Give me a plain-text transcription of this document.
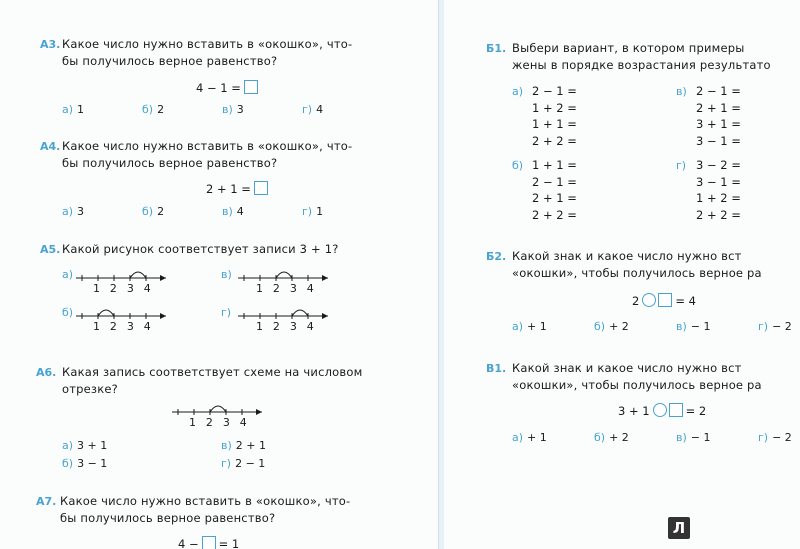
А3. Какое число нужно вставить в «окошко», что-
бы получилось верное равенство?
4 − 1 =
а) 1	б) 2	в) 3	г) 4
А4. Какое число нужно вставить в «окошко», что-
бы получилось верное равенство?
2 + 1 =
а) 3	б) 2	в) 4	г) 1
А5. Какой рисунок соответствует записи 3 + 1?
а)
1 2 3 4
в)
1 2 3 4
б)
1 2 3 4
г)
1 2 3 4
А6. Какая запись соответствует схеме на числовом
отрезке?
1 2 3 4
а) 3 + 1	в) 2 + 1
б) 3 − 1	г) 2 − 1
А7. Какое число нужно вставить в «окошко», что-
бы получилось верное равенство?
4 − = 1
Б1. Выбери вариант, в котором примеры
жены в порядке возрастания результато
а) 2 − 1 =
1 + 2 =
1 + 1 =
2 + 2 =
в) 2 − 1 =
2 + 1 =
3 + 1 =
3 − 1 =
б) 1 + 1 =
2 − 1 =
2 + 1 =
2 + 2 =
г) 3 − 2 =
3 − 1 =
1 + 2 =
2 + 2 =
Б2. Какой знак и какое число нужно вст
«окошки», чтобы получилось верное ра
2	= 4
а) + 1	б) + 2	в) − 1	г) − 2
В1. Какой знак и какое число нужно вст
«окошки», чтобы получилось верное ра
3 + 1	= 2
а) + 1	б) + 2	в) − 1	г) − 2
Л
